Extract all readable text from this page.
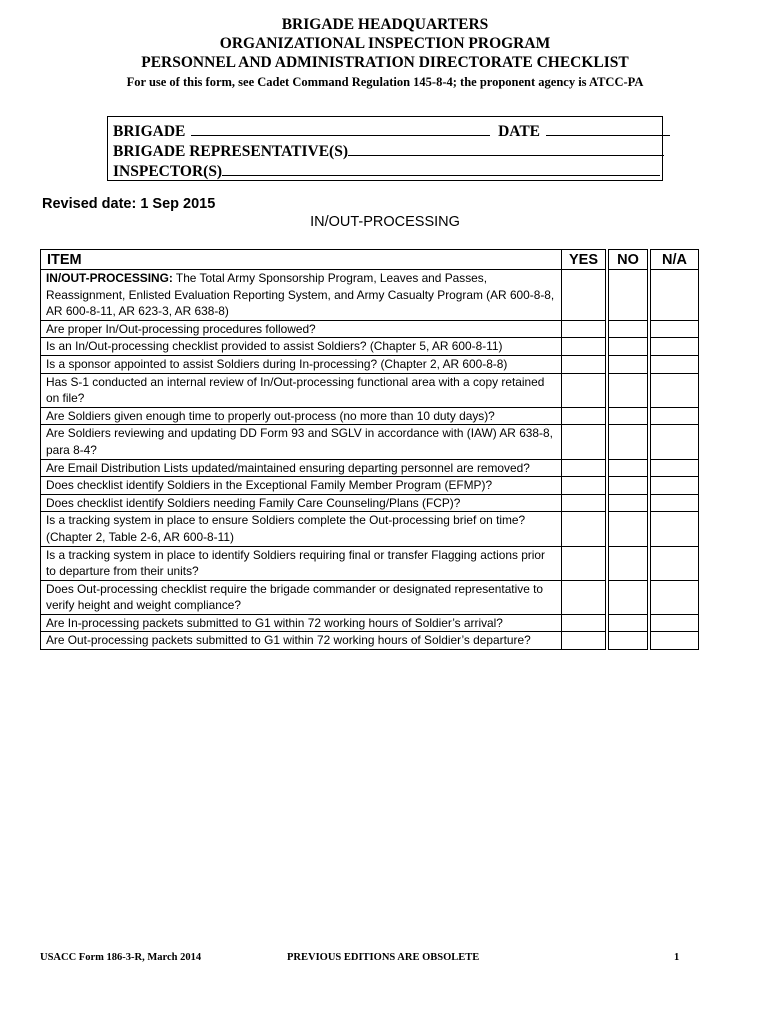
BRIGADE HEADQUARTERS
ORGANIZATIONAL INSPECTION PROGRAM
PERSONNEL AND ADMINISTRATION DIRECTORATE CHECKLIST
For use of this form, see Cadet Command Regulation 145-8-4; the proponent agency is ATCC-PA
BRIGADE	DATE
BRIGADE REPRESENTATIVE(S)
INSPECTOR(S)
Revised date: 1 Sep 2015
IN/OUT-PROCESSING
ITEM	YES		NO		N/A
IN/OUT-PROCESSING: The Total Army Sponsorship Program, Leaves and Passes, Reassignment, Enlisted Evaluation Reporting System, and Army Casualty Program (AR 600-8-8, AR 600-8-11, AR 623-3, AR 638-8)					
Are proper In/Out-processing procedures followed?					
Is an In/Out-processing checklist provided to assist Soldiers? (Chapter 5, AR 600-8-11)					
Is a sponsor appointed to assist Soldiers during In-processing? (Chapter 2, AR 600-8-8)					
Has S-1 conducted an internal review of In/Out-processing functional area with a copy retained on file?					
Are Soldiers given enough time to properly out-process (no more than 10 duty days)?					
Are Soldiers reviewing and updating DD Form 93 and SGLV in accordance with (IAW) AR 638-8, para 8-4?					
Are Email Distribution Lists updated/maintained ensuring departing personnel are removed?					
Does checklist identify Soldiers in the Exceptional Family Member Program (EFMP)?					
Does checklist identify Soldiers needing Family Care Counseling/Plans (FCP)?					
Is a tracking system in place to ensure Soldiers complete the Out-processing brief on time? (Chapter 2, Table 2-6, AR 600-8-11)					
Is a tracking system in place to identify Soldiers requiring final or transfer Flagging actions prior to departure from their units?					
Does Out-processing checklist require the brigade commander or designated representative to verify height and weight compliance?					
Are In-processing packets submitted to G1 within 72 working hours of Soldier’s arrival?					
Are Out-processing packets submitted to G1 within 72 working hours of Soldier’s departure?					
USACC Form 186-3-R, March 2014	PREVIOUS EDITIONS ARE OBSOLETE	1
